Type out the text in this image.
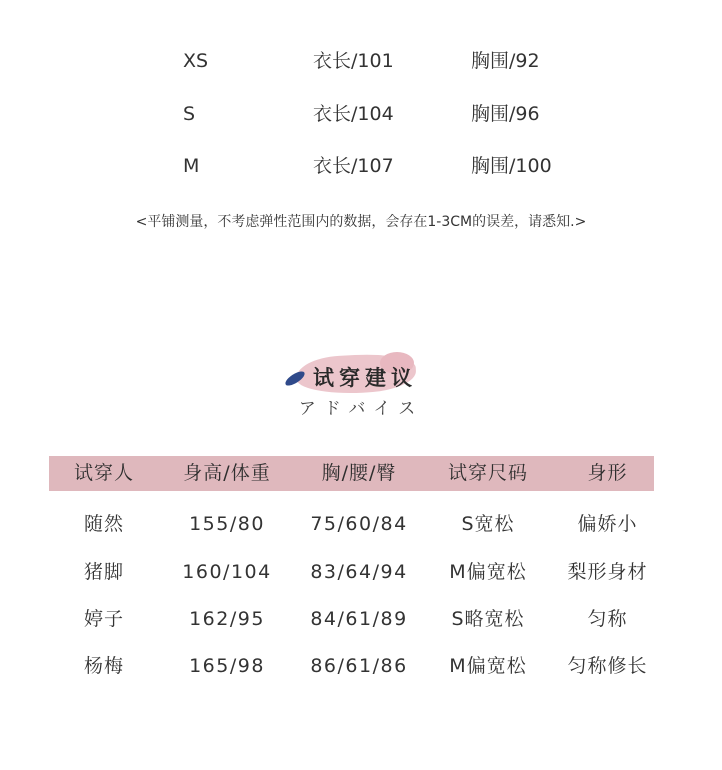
XS	衣长/101	胸围/92
S	衣长/104	胸围/96
M	衣长/107	胸围/100
<平铺测量，不考虑弹性范围内的数据，会存在1-3CM的误差，请悉知.>
试穿建议
アドバイス
试穿人	身高/体重	胸/腰/臀	试穿尺码	身形
随然	155/80	75/60/84	S宽松	偏娇小
猪脚	160/104	83/64/94	M偏宽松	梨形身材
婷子	162/95	84/61/89	S略宽松	匀称
杨梅	165/98	86/61/86	M偏宽松	匀称修长
